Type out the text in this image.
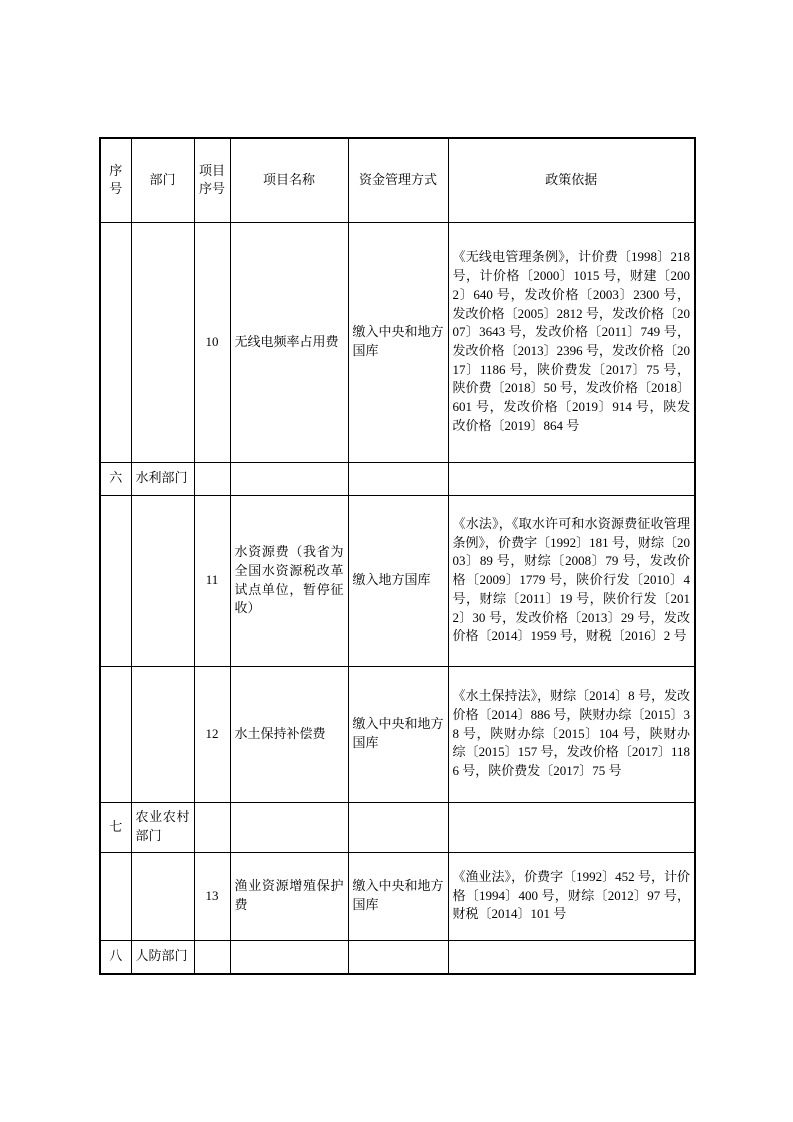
序号	部门	项目序号	项目名称	资金管理方式	政策依据
		10	无线电频率占用费	缴入中央和地方国库	《无线电管理条例》，计价费〔1998〕218 号，计价格〔2000〕1015 号，财建〔2002〕640 号，发改价格〔2003〕2300 号，发改价格〔2005〕2812 号，发改价格〔2007〕3643 号，发改价格〔2011〕749 号，发改价格〔2013〕2396 号，发改价格〔2017〕1186 号，陕价费发〔2017〕75 号，陕价费〔2018〕50 号，发改价格〔2018〕601 号，发改价格〔2019〕914 号，陕发改价格〔2019〕864 号
六	水利部门				
		11	水资源费（我省为全国水资源税改革试点单位，暂停征收）	缴入地方国库	《水法》，《取水许可和水资源费征收管理条例》，价费字〔1992〕181 号，财综〔2003〕89 号，财综〔2008〕79 号，发改价格〔2009〕1779 号，陕价行发〔2010〕4 号，财综〔2011〕19 号，陕价行发〔2012〕30 号，发改价格〔2013〕29 号，发改价格〔2014〕1959 号，财税〔2016〕2 号
		12	水土保持补偿费	缴入中央和地方国库	《水土保持法》，财综〔2014〕8 号，发改价格〔2014〕886 号，陕财办综〔2015〕38 号，陕财办综〔2015〕104 号，陕财办综〔2015〕157 号，发改价格〔2017〕1186 号，陕价费发〔2017〕75 号
七	农业农村部门				
		13	渔业资源增殖保护费	缴入中央和地方国库	《渔业法》，价费字〔1992〕452 号，计价格〔1994〕400 号，财综〔2012〕97 号，财税〔2014〕101 号
八	人防部门				
